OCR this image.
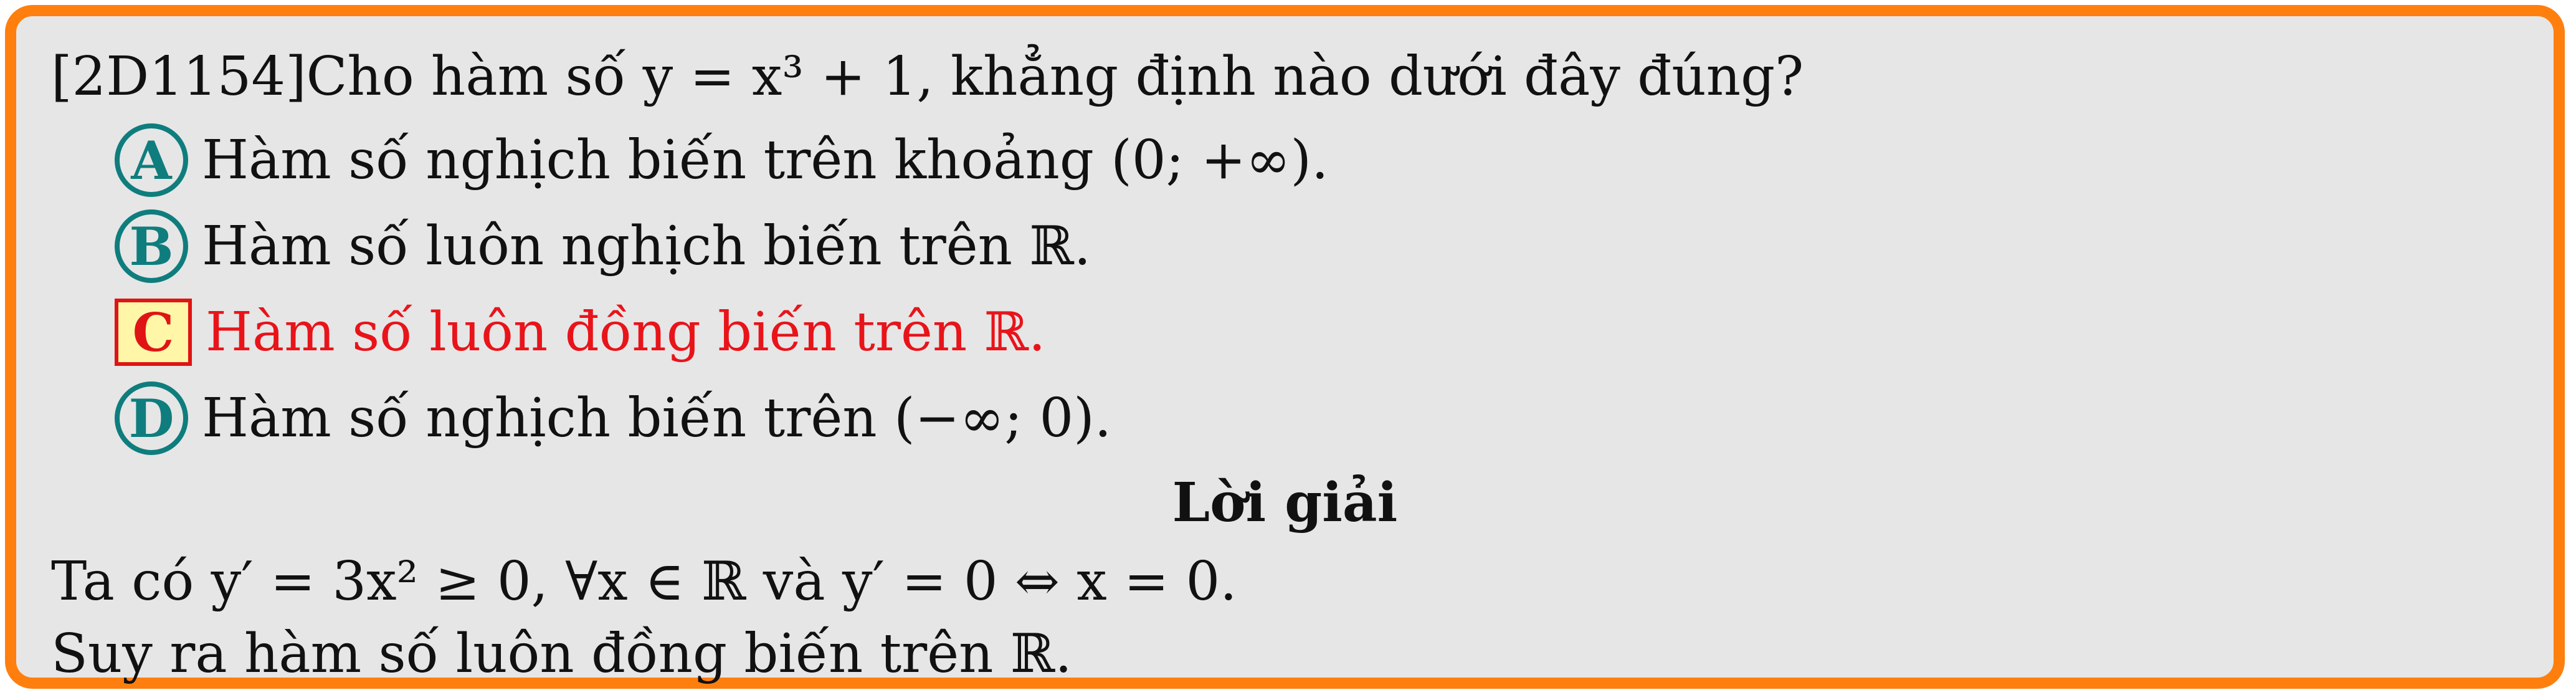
[2D1154]Cho hàm số y = x³ + 1, khẳng định nào dưới đây đúng?
A Hàm số nghịch biến trên khoảng (0; +∞).
B Hàm số luôn nghịch biến trên ℝ.
C Hàm số luôn đồng biến trên ℝ.
D Hàm số nghịch biến trên (−∞; 0).
Lời giải
Ta có y′ = 3x² ≥ 0, ∀x ∈ ℝ và y′ = 0 ⇔ x = 0.
Suy ra hàm số luôn đồng biến trên ℝ.
